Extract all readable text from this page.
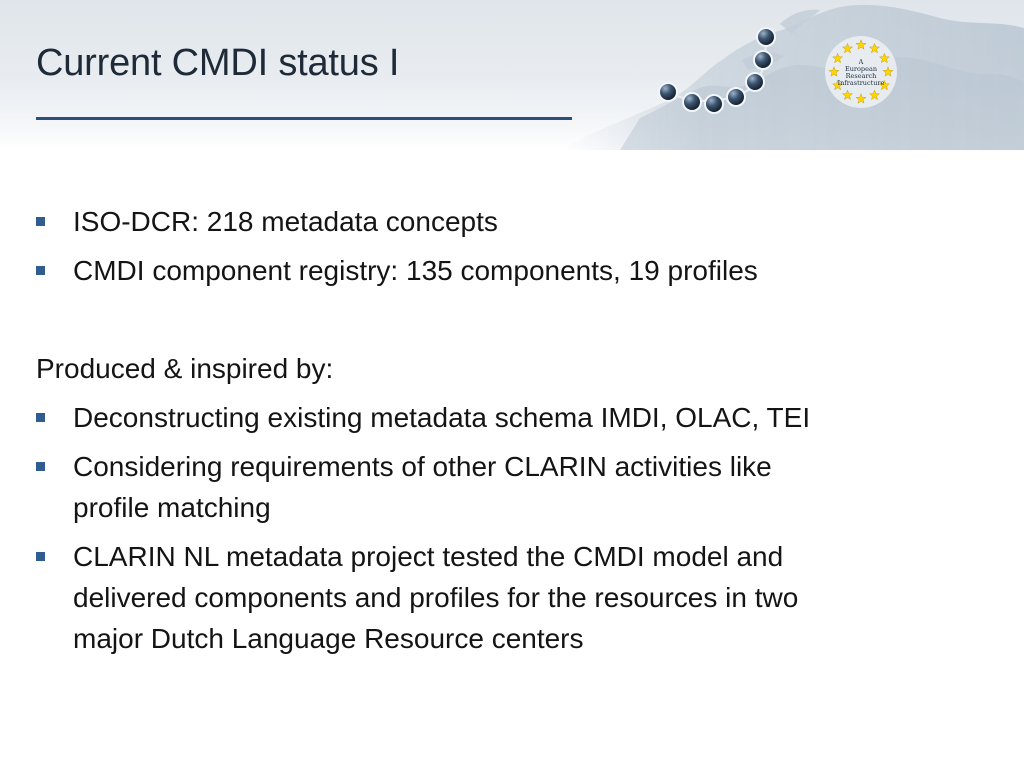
A
European
Research
Infrastructure
Current CMDI status I
ISO-DCR: 218 metadata concepts
CMDI component registry: 135 components, 19 profiles
Produced & inspired by:
Deconstructing existing metadata schema IMDI, OLAC, TEI
Considering requirements of other CLARIN activities like
profile matching
CLARIN NL metadata project tested the CMDI model and
delivered components and profiles for the resources in two
major Dutch Language Resource centers
